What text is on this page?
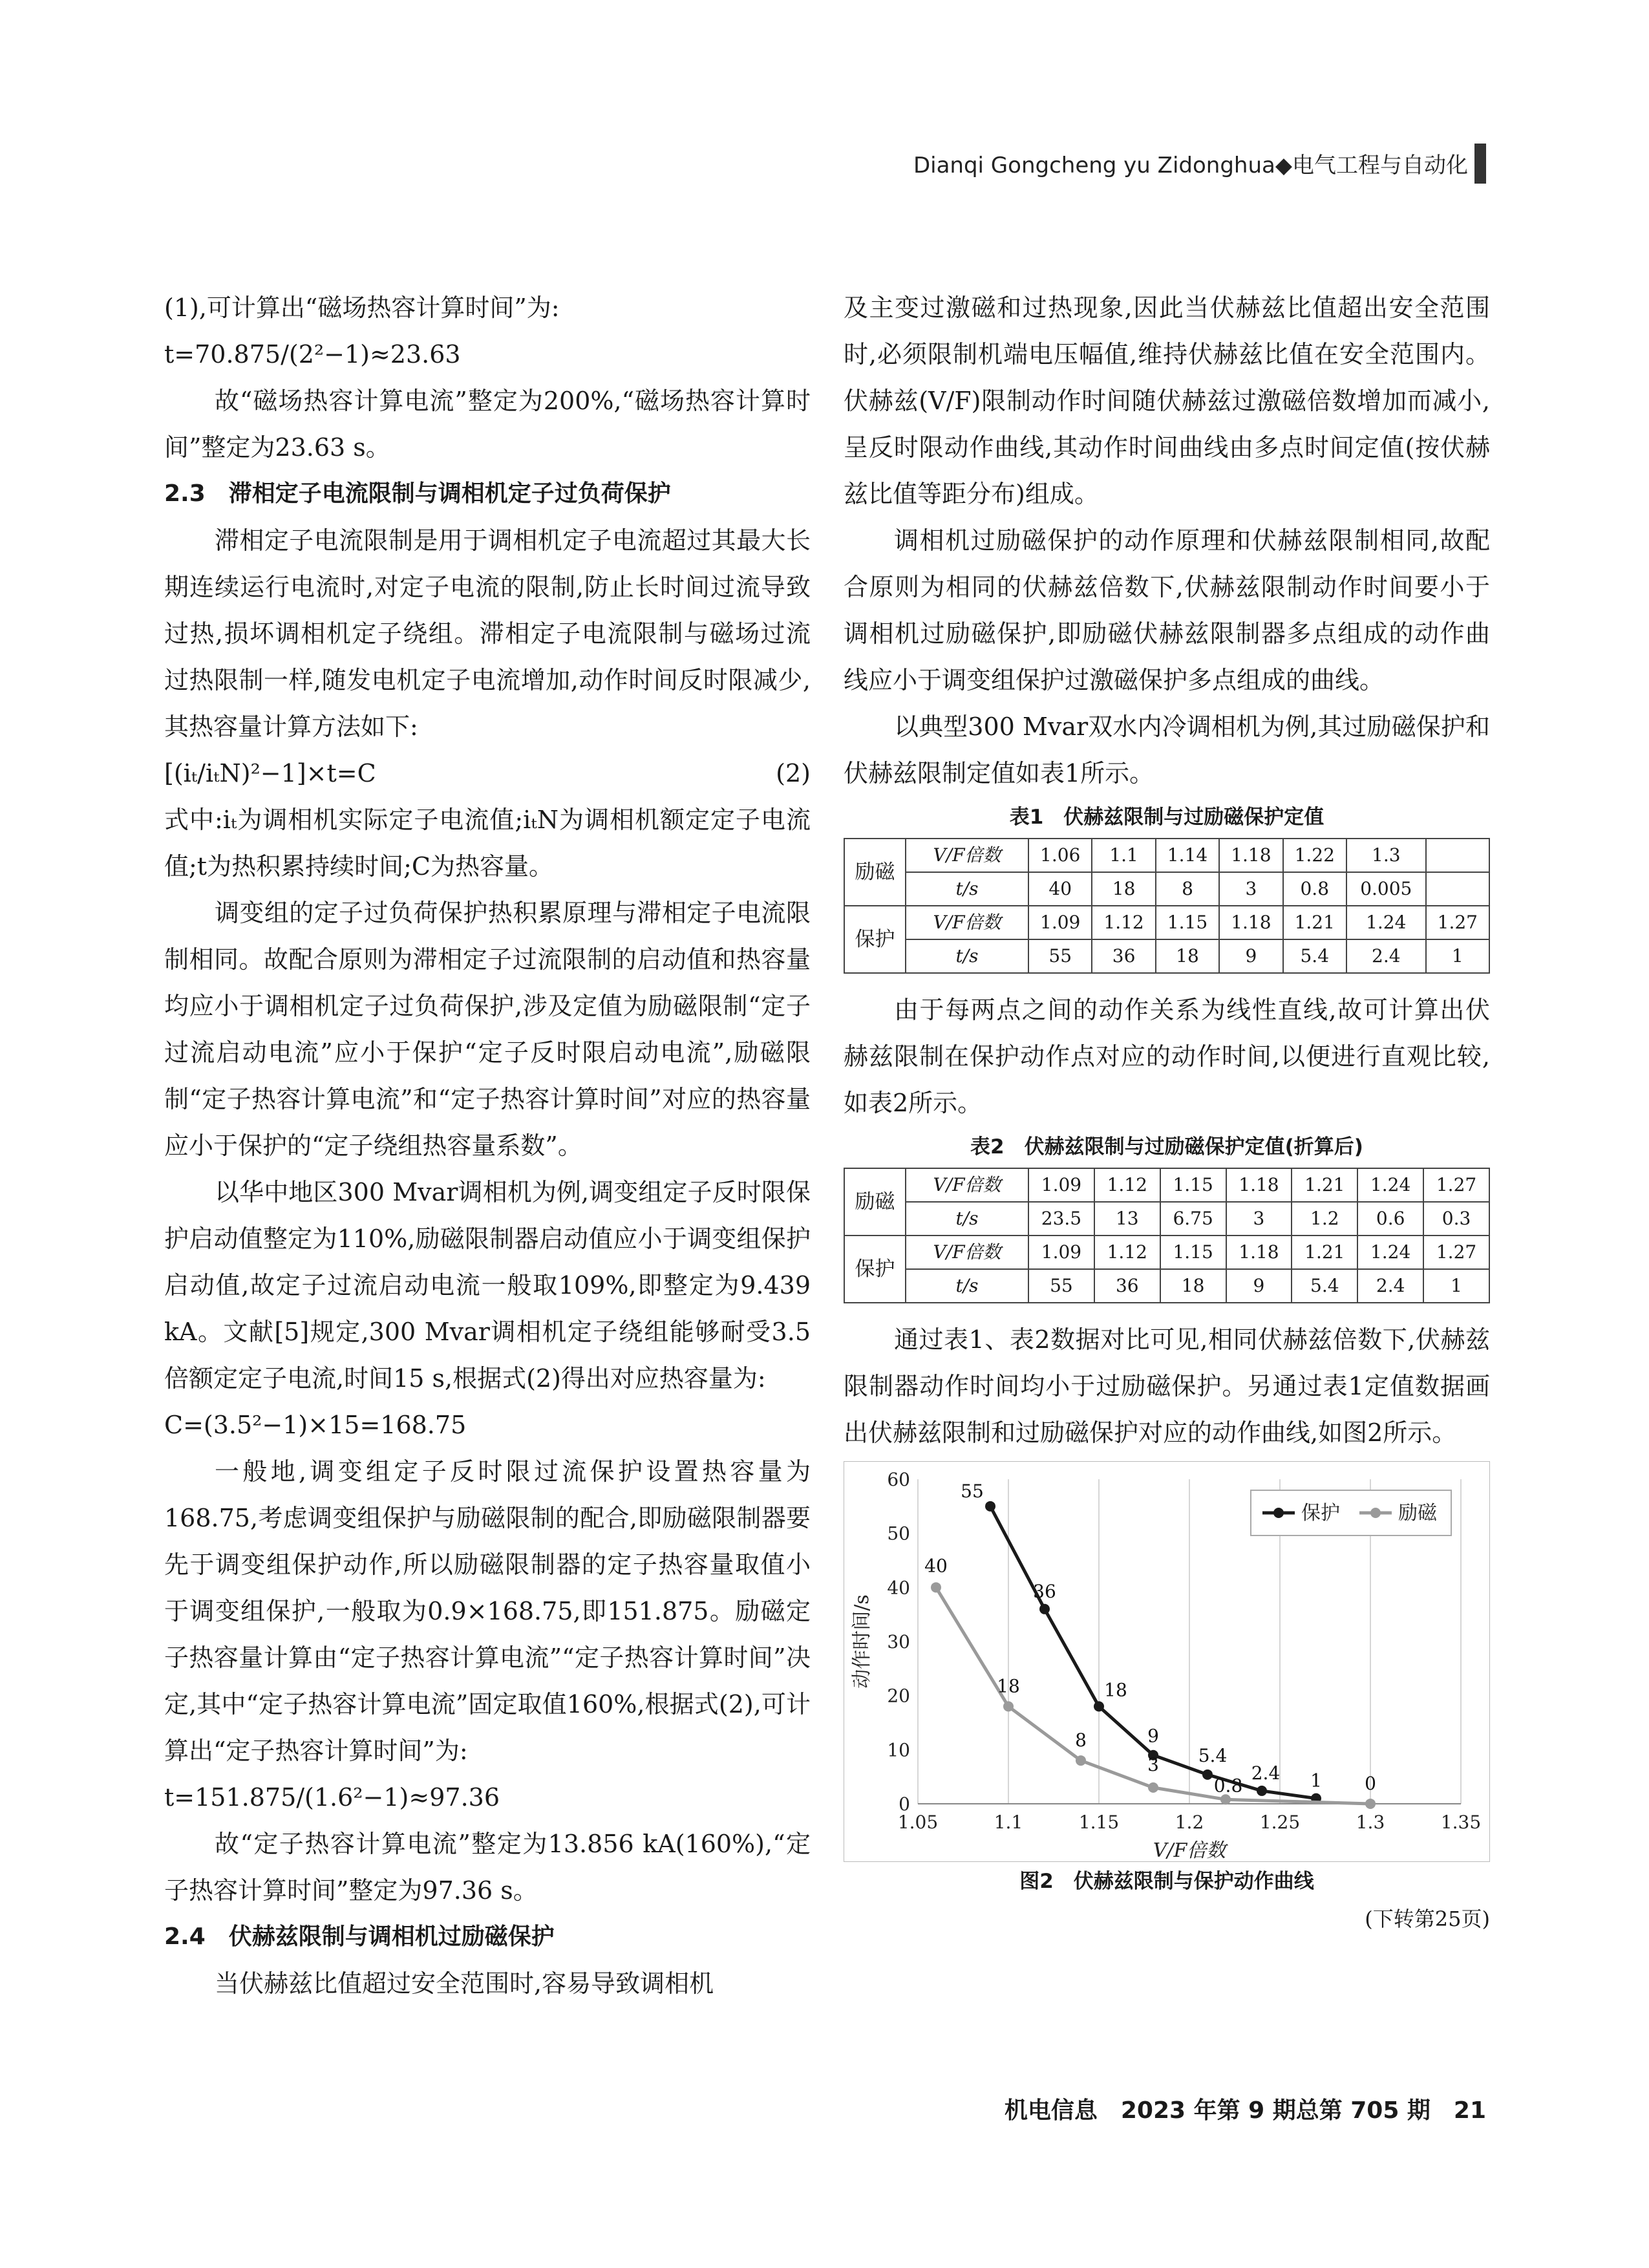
Dianqi Gongcheng yu Zidonghua◆电气工程与自动化

(1),可计算出“磁场热容计算时间”为:

t=70.875/(2²−1)≈23.63

故“磁场热容计算电流”整定为200%,“磁场热容计算时间”整定为23.63 s。

2.3　滞相定子电流限制与调相机定子过负荷保护

滞相定子电流限制是用于调相机定子电流超过其最大长期连续运行电流时,对定子电流的限制,防止长时间过流导致过热,损坏调相机定子绕组。滞相定子电流限制与磁场过流过热限制一样,随发电机定子电流增加,动作时间反时限减少,其热容量计算方法如下:

[(iₜ/iₜN)²−1]×t=C	(2)

式中:iₜ为调相机实际定子电流值;iₜN为调相机额定定子电流值;t为热积累持续时间;C为热容量。

调变组的定子过负荷保护热积累原理与滞相定子电流限制相同。故配合原则为滞相定子过流限制的启动值和热容量均应小于调相机定子过负荷保护,涉及定值为励磁限制“定子过流启动电流”应小于保护“定子反时限启动电流”,励磁限制“定子热容计算电流”和“定子热容计算时间”对应的热容量应小于保护的“定子绕组热容量系数”。

以华中地区300 Mvar调相机为例,调变组定子反时限保护启动值整定为110%,励磁限制器启动值应小于调变组保护启动值,故定子过流启动电流一般取109%,即整定为9.439 kA。文献[5]规定,300 Mvar调相机定子绕组能够耐受3.5倍额定定子电流,时间15 s,根据式(2)得出对应热容量为:

C=(3.5²−1)×15=168.75

一般地,调变组定子反时限过流保护设置热容量为168.75,考虑调变组保护与励磁限制的配合,即励磁限制器要先于调变组保护动作,所以励磁限制器的定子热容量取值小于调变组保护,一般取为0.9×168.75,即151.875。励磁定子热容量计算由“定子热容计算电流”“定子热容计算时间”决定,其中“定子热容计算电流”固定取值160%,根据式(2),可计算出“定子热容计算时间”为:

t=151.875/(1.6²−1)≈97.36

故“定子热容计算电流”整定为13.856 kA(160%),“定子热容计算时间”整定为97.36 s。

2.4　伏赫兹限制与调相机过励磁保护

当伏赫兹比值超过安全范围时,容易导致调相机

及主变过激磁和过热现象,因此当伏赫兹比值超出安全范围时,必须限制机端电压幅值,维持伏赫兹比值在安全范围内。伏赫兹(V/F)限制动作时间随伏赫兹过激磁倍数增加而减小,呈反时限动作曲线,其动作时间曲线由多点时间定值(按伏赫兹比值等距分布)组成。

调相机过励磁保护的动作原理和伏赫兹限制相同,故配合原则为相同的伏赫兹倍数下,伏赫兹限制动作时间要小于调相机过励磁保护,即励磁伏赫兹限制器多点组成的动作曲线应小于调变组保护过激磁保护多点组成的曲线。

以典型300 Mvar双水内冷调相机为例,其过励磁保护和伏赫兹限制定值如表1所示。

表1　伏赫兹限制与过励磁保护定值
励磁	V/F倍数	1.06	1.1	1.14	1.18	1.22	1.3	
	t/s	40	18	8	3	0.8	0.005	
保护	V/F倍数	1.09	1.12	1.15	1.18	1.21	1.24	1.27
	t/s	55	36	18	9	5.4	2.4	1

由于每两点之间的动作关系为线性直线,故可计算出伏赫兹限制在保护动作点对应的动作时间,以便进行直观比较,如表2所示。

表2　伏赫兹限制与过励磁保护定值(折算后)
励磁	V/F倍数	1.09	1.12	1.15	1.18	1.21	1.24	1.27
	t/s	23.5	13	6.75	3	1.2	0.6	0.3
保护	V/F倍数	1.09	1.12	1.15	1.18	1.21	1.24	1.27
	t/s	55	36	18	9	5.4	2.4	1

通过表1、表2数据对比可见,相同伏赫兹倍数下,伏赫兹限制器动作时间均小于过励磁保护。另通过表1定值数据画出伏赫兹限制和过励磁保护对应的动作曲线,如图2所示。

1.05	1.1	1.15	1.2	1.25	1.3	1.35
0
10
20
30
40
50
60
V/F倍数
动作时间/s
55
36
18
9
5.4
2.4 1
40
18
8
3
0.8	0
保护	励磁
图2　伏赫兹限制与保护动作曲线
(下转第25页)
机电信息　2023 年第 9 期总第 705 期　21
